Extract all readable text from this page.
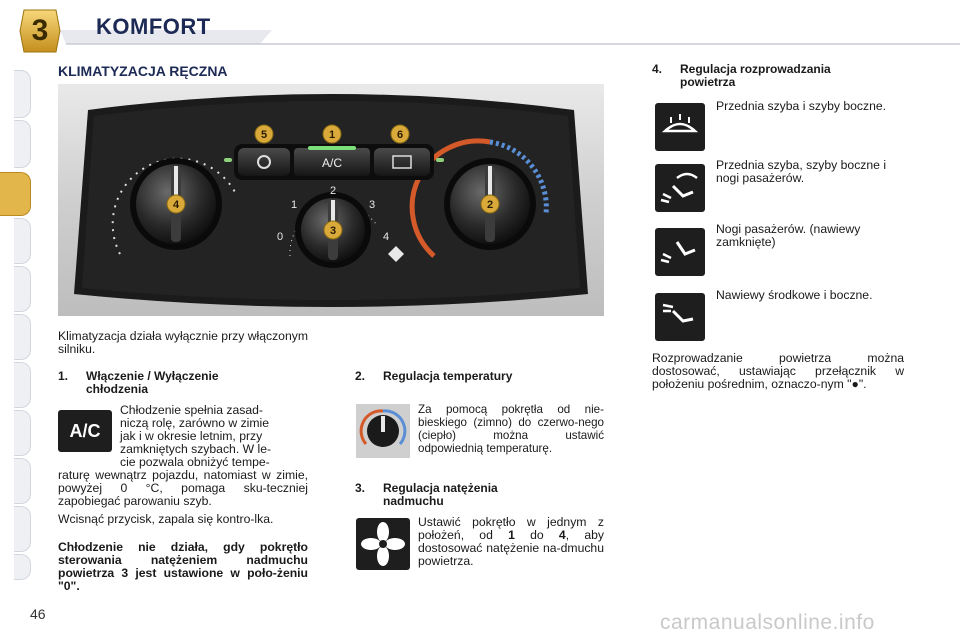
3	KOMFORT
KLIMATYZACJA RĘCZNA
5	1	6
4	2
3
A/C
0
1
2
3
4
Klimatyzacja działa wyłącznie przy włączonym silniku.
1. Włączenie / Wyłączenie
chłodzenia
A/C
Chłodzenie spełnia zasad-
niczą rolę, zarówno w zimie
jak i w okresie letnim, przy
zamkniętych szybach. W le-
cie pozwala obniżyć tempe-
raturę wewnątrz pojazdu, natomiast w zimie, powyżej 0 °C, pomaga sku-teczniej zapobiegać parowaniu szyb.
Wcisnąć przycisk, zapala się kontro-lka.
Chłodzenie nie działa, gdy pokrętło sterowania natężeniem nadmuchu powietrza 3 jest ustawione w poło-żeniu "0".
2. Regulacja temperatury
Za pomocą pokrętła od nie-bieskiego (zimno) do czerwo-nego (ciepło) można ustawić odpowiednią temperaturę.
3. Regulacja natężenia
nadmuchu
Ustawić pokrętło w jednym z położeń, od 1 do 4, aby dostosować natężenie na-dmuchu powietrza.
4. Regulacja rozprowadzania
powietrza
Przednia szyba i szyby boczne.
Przednia szyba, szyby boczne i nogi pasażerów.
Nogi pasażerów. (nawiewy zamknięte)
Nawiewy środkowe i boczne.
Rozprowadzanie powietrza można dostosować, ustawiając przełącznik w położeniu pośrednim, oznaczo-nym "●".
46	carmanualsonline.info
